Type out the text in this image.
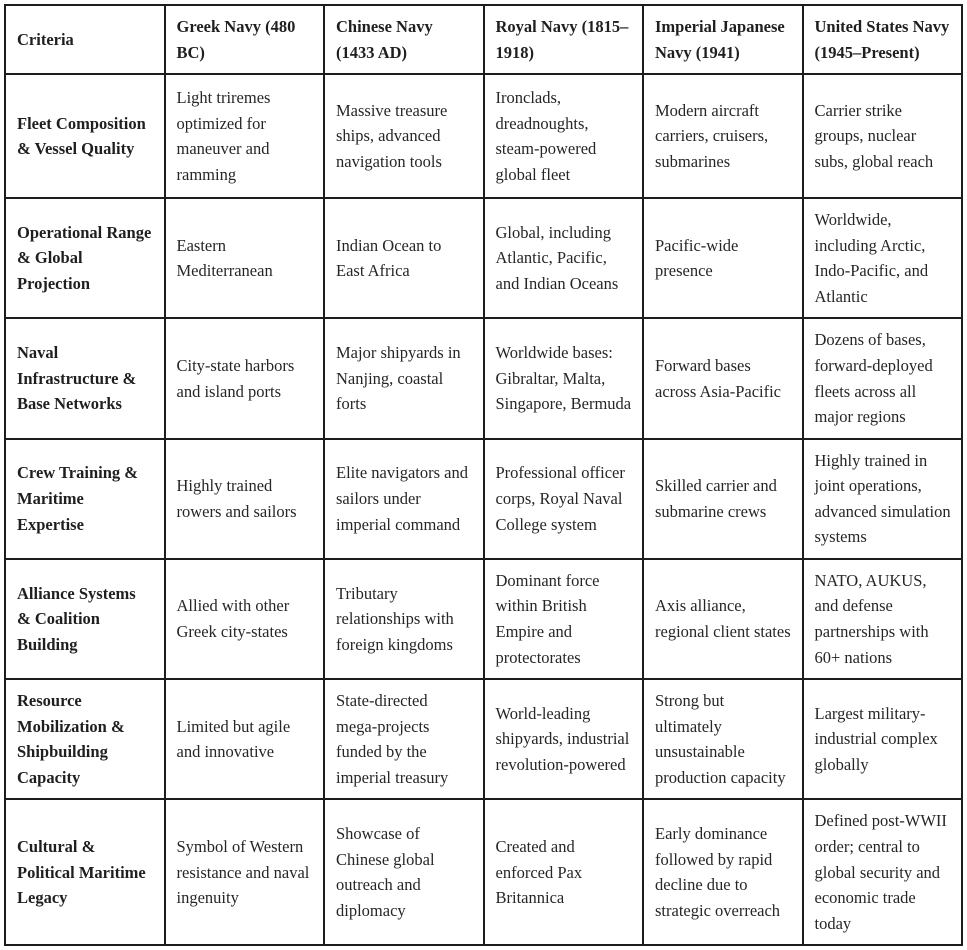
Criteria	Greek Navy (480 BC)	Chinese Navy (1433 AD)	Royal Navy (1815–1918)	Imperial Japanese Navy (1941)	United States Navy (1945–Present)
Fleet Composition & Vessel Quality	Light triremes optimized for maneuver and ramming	Massive treasure ships, advanced navigation tools	Ironclads, dreadnoughts, steam-powered global fleet	Modern aircraft carriers, cruisers, submarines	Carrier strike groups, nuclear subs, global reach
Operational Range & Global Projection	Eastern Mediterranean	Indian Ocean to East Africa	Global, including Atlantic, Pacific, and Indian Oceans	Pacific-wide presence	Worldwide, including Arctic, Indo-Pacific, and Atlantic
Naval Infrastructure & Base Networks	City-state harbors and island ports	Major shipyards in Nanjing, coastal forts	Worldwide bases: Gibraltar, Malta, Singapore, Bermuda	Forward bases across Asia-Pacific	Dozens of bases, forward-deployed fleets across all major regions
Crew Training & Maritime Expertise	Highly trained rowers and sailors	Elite navigators and sailors under imperial command	Professional officer corps, Royal Naval College system	Skilled carrier and submarine crews	Highly trained in joint operations, advanced simulation systems
Alliance Systems & Coalition Building	Allied with other Greek city-states	Tributary relationships with foreign kingdoms	Dominant force within British Empire and protectorates	Axis alliance, regional client states	NATO, AUKUS, and defense partnerships with 60+ nations
Resource Mobilization & Shipbuilding Capacity	Limited but agile and innovative	State-directed mega-projects funded by the imperial treasury	World-leading shipyards, industrial revolution-powered	Strong but ultimately unsustainable production capacity	Largest military-industrial complex globally
Cultural & Political Maritime Legacy	Symbol of Western resistance and naval ingenuity	Showcase of Chinese global outreach and diplomacy	Created and enforced Pax Britannica	Early dominance followed by rapid decline due to strategic overreach	Defined post-WWII order; central to global security and economic trade today
